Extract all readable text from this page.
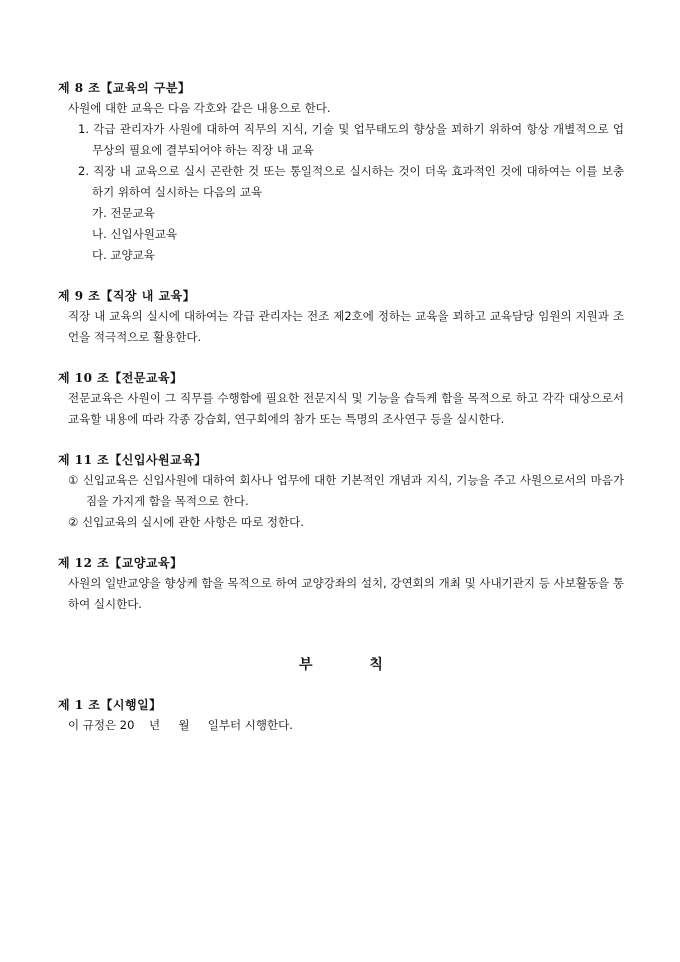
제 8 조【교육의 구분】

사원에 대한 교육은 다음 각호와 같은 내용으로 한다.

1. 각급 관리자가 사원에 대하여 직무의 지식, 기술 및 업무태도의 향상을 꾀하기 위하여 항상 개별적으로 업무상의 필요에 결부되어야 하는 직장 내 교육

2. 직장 내 교육으로 실시 곤란한 것 또는 통일적으로 실시하는 것이 더욱 효과적인 것에 대하여는 이를 보충하기 위하여 실시하는 다음의 교육

가. 전문교육

나. 신입사원교육

다. 교양교육

제 9 조【직장 내 교육】

직장 내 교육의 실시에 대하여는 각급 관리자는 전조 제2호에 정하는 교육을 꾀하고 교육담당 임원의 지원과 조언을 적극적으로 활용한다.

제 10 조【전문교육】

전문교육은 사원이 그 직무를 수행함에 필요한 전문지식 및 기능을 습득케 함을 목적으로 하고 각각 대상으로서 교육할 내용에 따라 각종 강습회, 연구회에의 참가 또는 특명의 조사연구 등을 실시한다.

제 11 조【신입사원교육】

① 신입교육은 신입사원에 대하여 회사나 업무에 대한 기본적인 개념과 지식, 기능을 주고 사원으로서의 마음가짐을 가지게 함을 목적으로 한다.

② 신입교육의 실시에 관한 사항은 따로 정한다.

제 12 조【교양교육】

사원의 일반교양을 향상케 함을 목적으로 하여 교양강좌의 설치, 강연회의 개최 및 사내기관지 등 사보활동을 통하여 실시한다.

부 칙

제 1 조【시행일】

이 규정은 20    년     월     일부터 시행한다.
